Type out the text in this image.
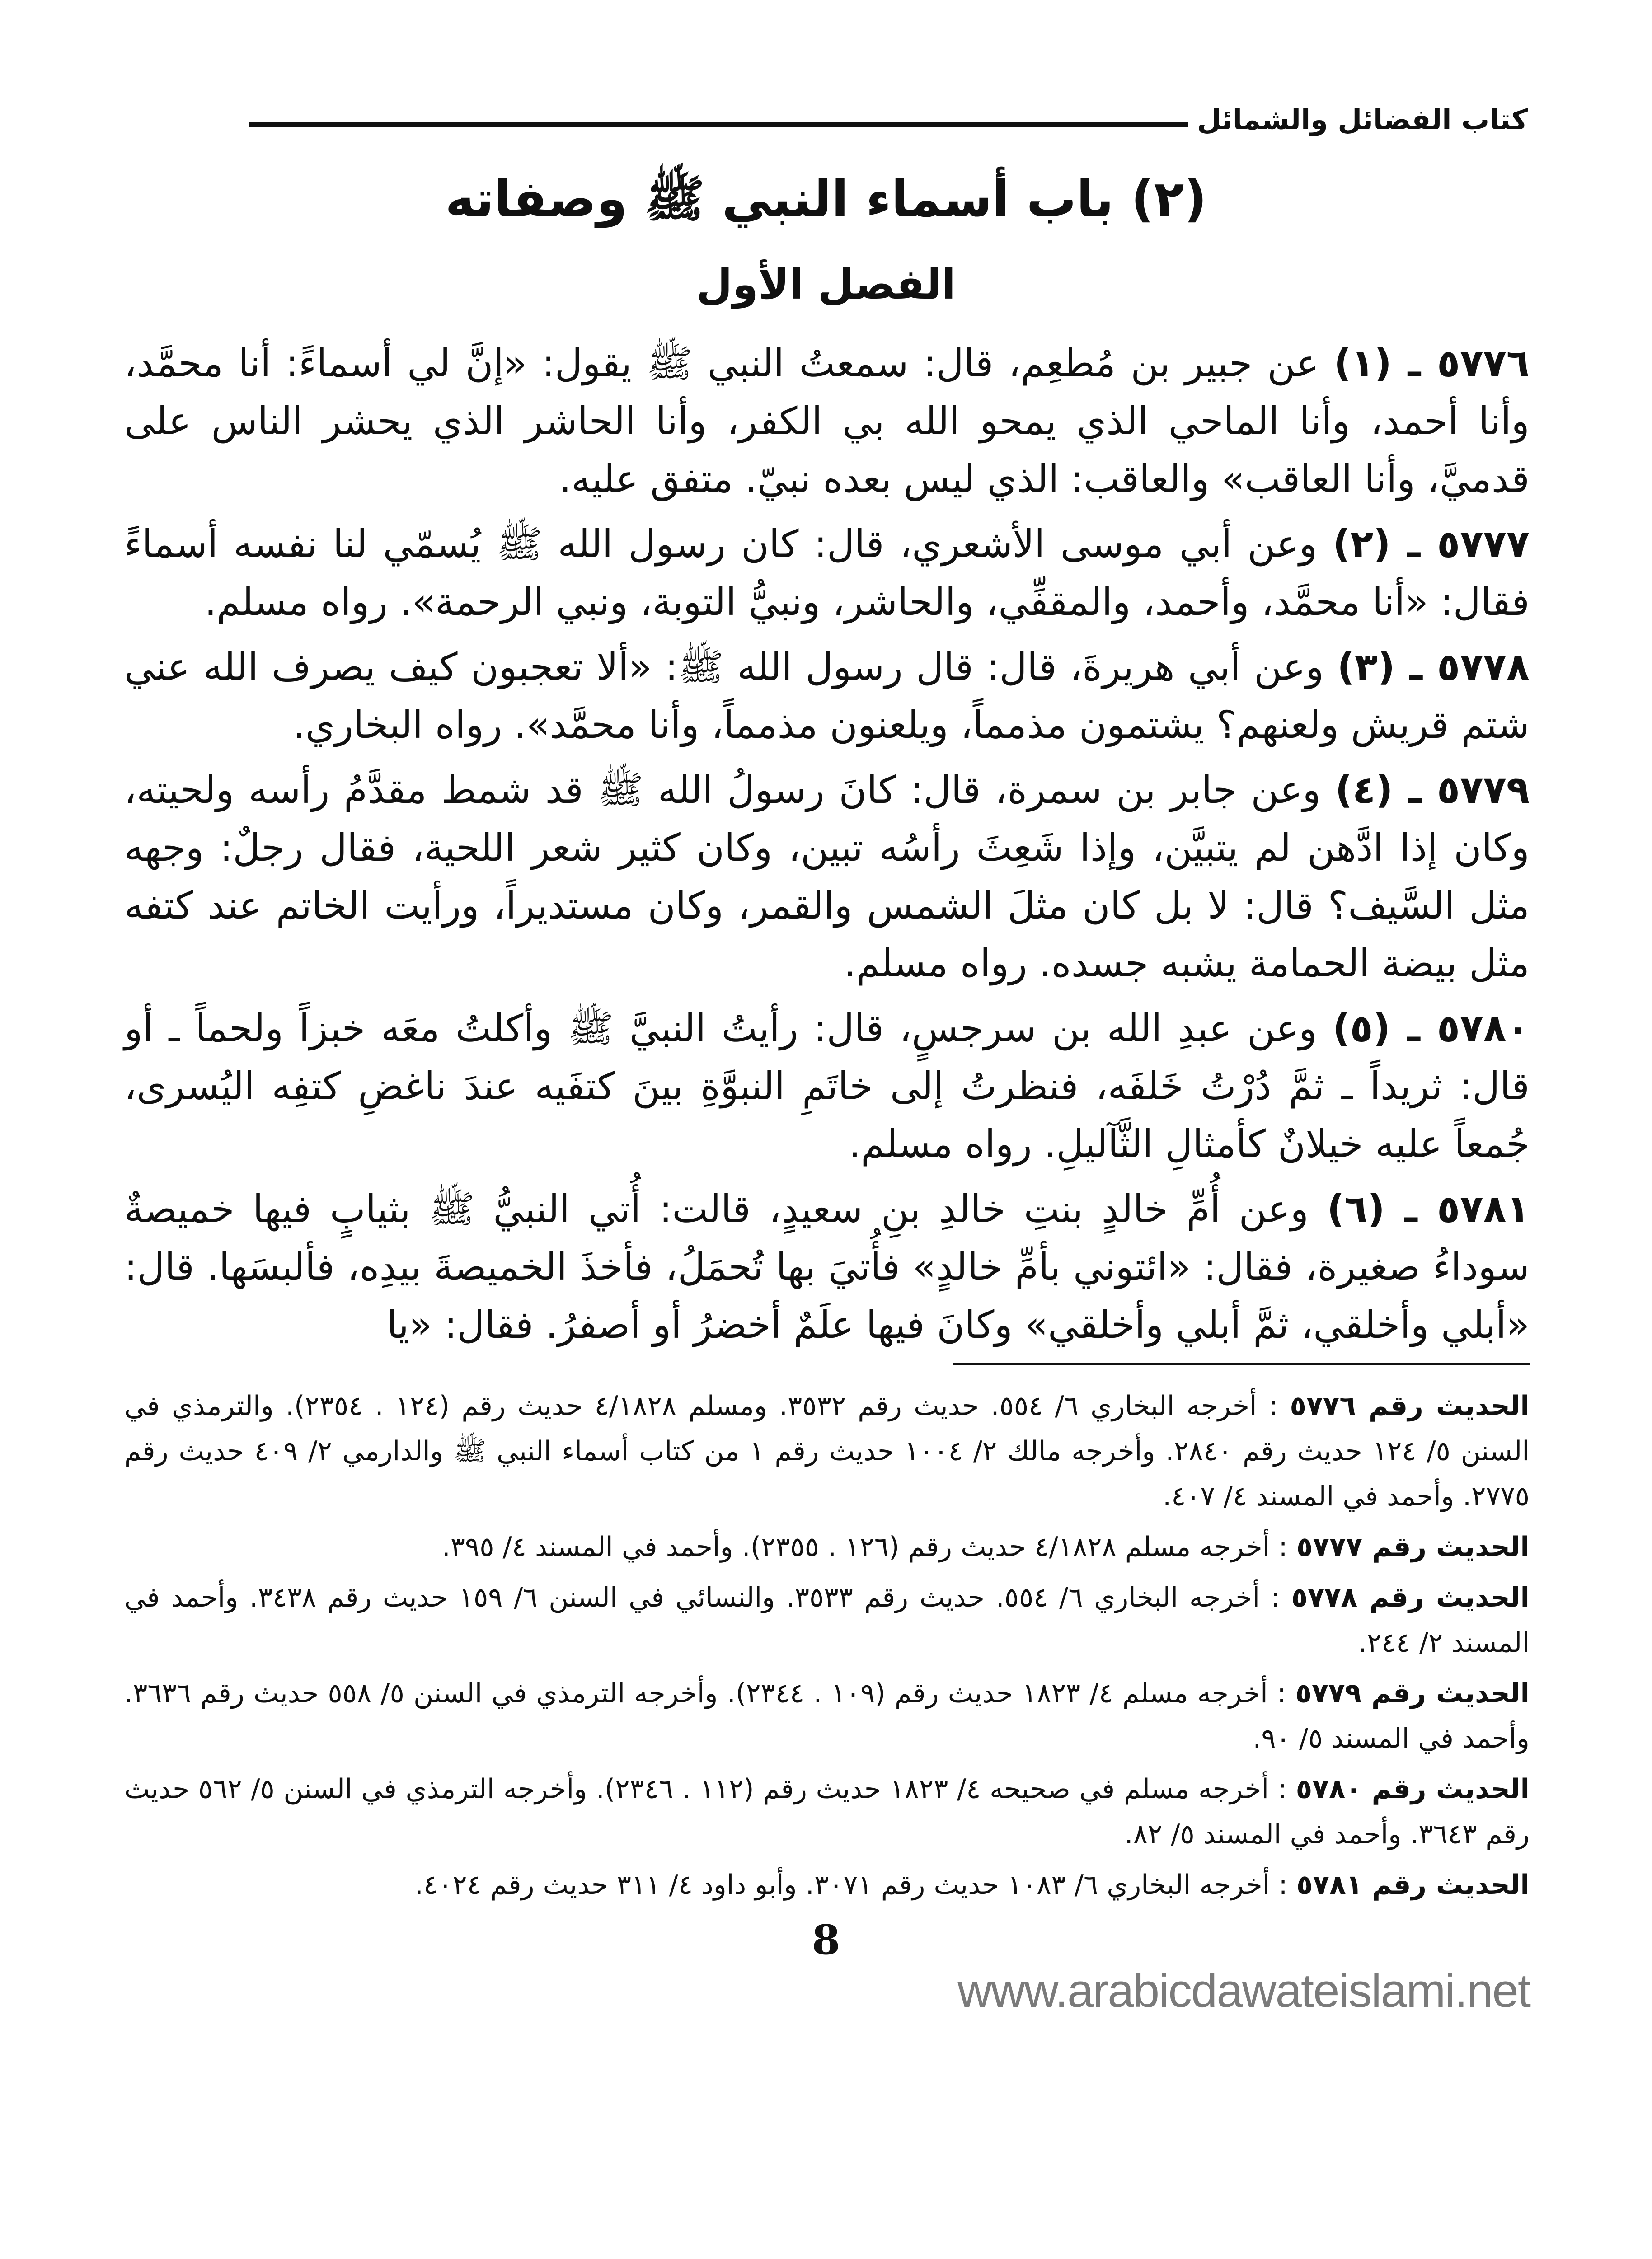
كتاب الفضائل والشمائل
(٢) باب أسماء النبي ﷺ وصفاته
الفصل الأول

٥٧٧٦ ـ (١) عن جبير بن مُطعِم، قال: سمعتُ النبي ﷺ يقول: «إنَّ لي أسماءً: أنا محمَّد، وأنا أحمد، وأنا الماحي الذي يمحو الله بي الكفر، وأنا الحاشر الذي يحشر الناس على قدميَّ، وأنا العاقب» والعاقب: الذي ليس بعده نبيّ. متفق عليه.

٥٧٧٧ ـ (٢) وعن أبي موسى الأشعري، قال: كان رسول الله ﷺ يُسمّي لنا نفسه أسماءً فقال: «أنا محمَّد، وأحمد، والمقفِّي، والحاشر، ونبيُّ التوبة، ونبي الرحمة». رواه مسلم.

٥٧٧٨ ـ (٣) وعن أبي هريرةَ، قال: قال رسول الله ﷺ: «ألا تعجبون كيف يصرف الله عني شتم قريش ولعنهم؟ يشتمون مذمماً، ويلعنون مذمماً، وأنا محمَّد». رواه البخاري.

٥٧٧٩ ـ (٤) وعن جابر بن سمرة، قال: كانَ رسولُ الله ﷺ قد شمط مقدَّمُ رأسه ولحيته، وكان إذا ادَّهن لم يتبيَّن، وإذا شَعِثَ رأسُه تبين، وكان كثير شعر اللحية، فقال رجلٌ: وجهه مثل السَّيف؟ قال: لا بل كان مثلَ الشمس والقمر، وكان مستديراً، ورأيت الخاتم عند كتفه مثل بيضة الحمامة يشبه جسده. رواه مسلم.

٥٧٨٠ ـ (٥) وعن عبدِ الله بن سرجسٍ، قال: رأيتُ النبيَّ ﷺ وأكلتُ معَه خبزاً ولحماً ـ أو قال: ثريداً ـ ثمَّ دُرْتُ خَلفَه، فنظرتُ إلى خاتَمِ النبوَّةِ بينَ كتفَيه عندَ ناغضِ كتفِه اليُسرى، جُمعاً عليه خيلانٌ كأمثالِ الثَّآليلِ. رواه مسلم.

٥٧٨١ ـ (٦) وعن أُمِّ خالدٍ بنتِ خالدِ بنِ سعيدٍ، قالت: أُتي النبيُّ ﷺ بثيابٍ فيها خميصةٌ سوداءُ صغيرة، فقال: «ائتوني بأمِّ خالدٍ» فأُتيَ بها تُحمَلُ، فأخذَ الخميصةَ بيدِه، فألبسَها. قال: «أبلي وأخلقي، ثمَّ أبلي وأخلقي» وكانَ فيها علَمٌ أخضرُ أو أصفرُ. فقال: «يا

الحديث رقم ٥٧٧٦ : أخرجه البخاري ٦/ ٥٥٤. حديث رقم ٣٥٣٢. ومسلم ٤/١٨٢٨ حديث رقم (١٢٤ . ٢٣٥٤). والترمذي في السنن ٥/ ١٢٤ حديث رقم ٢٨٤٠. وأخرجه مالك ٢/ ١٠٠٤ حديث رقم ١ من كتاب أسماء النبي ﷺ والدارمي ٢/ ٤٠٩ حديث رقم ٢٧٧٥. وأحمد في المسند ٤/ ٤٠٧.

الحديث رقم ٥٧٧٧ : أخرجه مسلم ٤/١٨٢٨ حديث رقم (١٢٦ . ٢٣٥٥). وأحمد في المسند ٤/ ٣٩٥.

الحديث رقم ٥٧٧٨ : أخرجه البخاري ٦/ ٥٥٤. حديث رقم ٣٥٣٣. والنسائي في السنن ٦/ ١٥٩ حديث رقم ٣٤٣٨. وأحمد في المسند ٢/ ٢٤٤.

الحديث رقم ٥٧٧٩ : أخرجه مسلم ٤/ ١٨٢٣ حديث رقم (١٠٩ . ٢٣٤٤). وأخرجه الترمذي في السنن ٥/ ٥٥٨ حديث رقم ٣٦٣٦. وأحمد في المسند ٥/ ٩٠.

الحديث رقم ٥٧٨٠ : أخرجه مسلم في صحيحه ٤/ ١٨٢٣ حديث رقم (١١٢ . ٢٣٤٦). وأخرجه الترمذي في السنن ٥/ ٥٦٢ حديث رقم ٣٦٤٣. وأحمد في المسند ٥/ ٨٢.

الحديث رقم ٥٧٨١ : أخرجه البخاري ٦/ ١٠٨٣ حديث رقم ٣٠٧١. وأبو داود ٤/ ٣١١ حديث رقم ٤٠٢٤.

8
www.arabicdawateislami.net
